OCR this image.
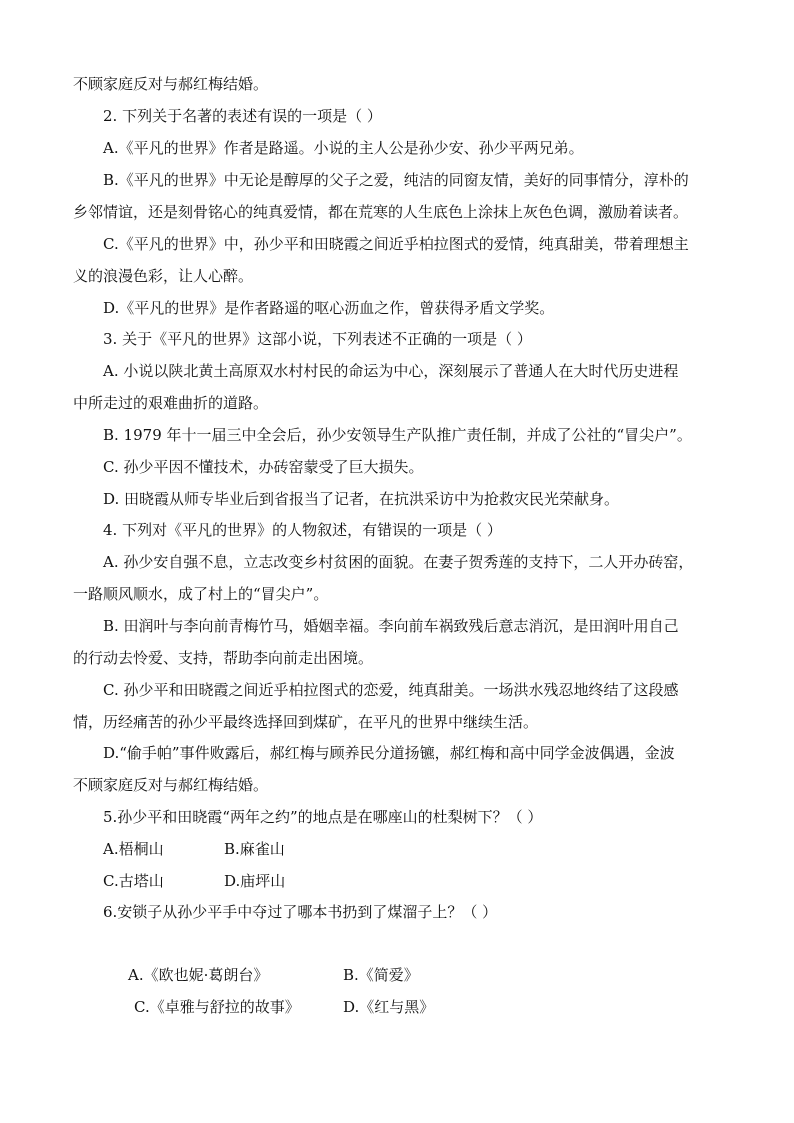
不顾家庭反对与郝红梅结婚。
2. 下列关于名著的表述有误的一项是（ ）
A.《平凡的世界》作者是路遥。小说的主人公是孙少安、孙少平两兄弟。
B.《平凡的世界》中无论是醇厚的父子之爱，纯洁的同窗友情，美好的同事情分，淳朴的
乡邻情谊，还是刻骨铭心的纯真爱情，都在荒寒的人生底色上涂抹上灰色色调，激励着读者。
C.《平凡的世界》中，孙少平和田晓霞之间近乎柏拉图式的爱情，纯真甜美，带着理想主
义的浪漫色彩，让人心醉。
D.《平凡的世界》是作者路遥的呕心沥血之作，曾获得矛盾文学奖。
3. 关于《平凡的世界》这部小说，下列表述不正确的一项是（ ）
A. 小说以陕北黄土高原双水村村民的命运为中心，深刻展示了普通人在大时代历史进程
中所走过的艰难曲折的道路。
B. 1979 年十一届三中全会后，孙少安领导生产队推广责任制，并成了公社的“冒尖户”。
C. 孙少平因不懂技术，办砖窑蒙受了巨大损失。
D. 田晓霞从师专毕业后到省报当了记者，在抗洪采访中为抢救灾民光荣献身。
4. 下列对《平凡的世界》的人物叙述，有错误的一项是（ ）
A. 孙少安自强不息，立志改变乡村贫困的面貌。在妻子贺秀莲的支持下，二人开办砖窑，
一路顺风顺水，成了村上的“冒尖户”。
B. 田润叶与李向前青梅竹马，婚姻幸福。李向前车祸致残后意志消沉，是田润叶用自己
的行动去怜爱、支持，帮助李向前走出困境。
C. 孙少平和田晓霞之间近乎柏拉图式的恋爱，纯真甜美。一场洪水残忍地终结了这段感
情，历经痛苦的孙少平最终选择回到煤矿，在平凡的世界中继续生活。
D.“偷手帕”事件败露后，郝红梅与顾养民分道扬镳，郝红梅和高中同学金波偶遇，金波
不顾家庭反对与郝红梅结婚。
5.孙少平和田晓霞“两年之约”的地点是在哪座山的杜梨树下？（ ）
A.梧桐山	B.麻雀山
C.古塔山	D.庙坪山
6.安锁子从孙少平手中夺过了哪本书扔到了煤溜子上？（ ）
A.《欧也妮·葛朗台》	B.《简爱》
C.《卓雅与舒拉的故事》	D.《红与黑》
